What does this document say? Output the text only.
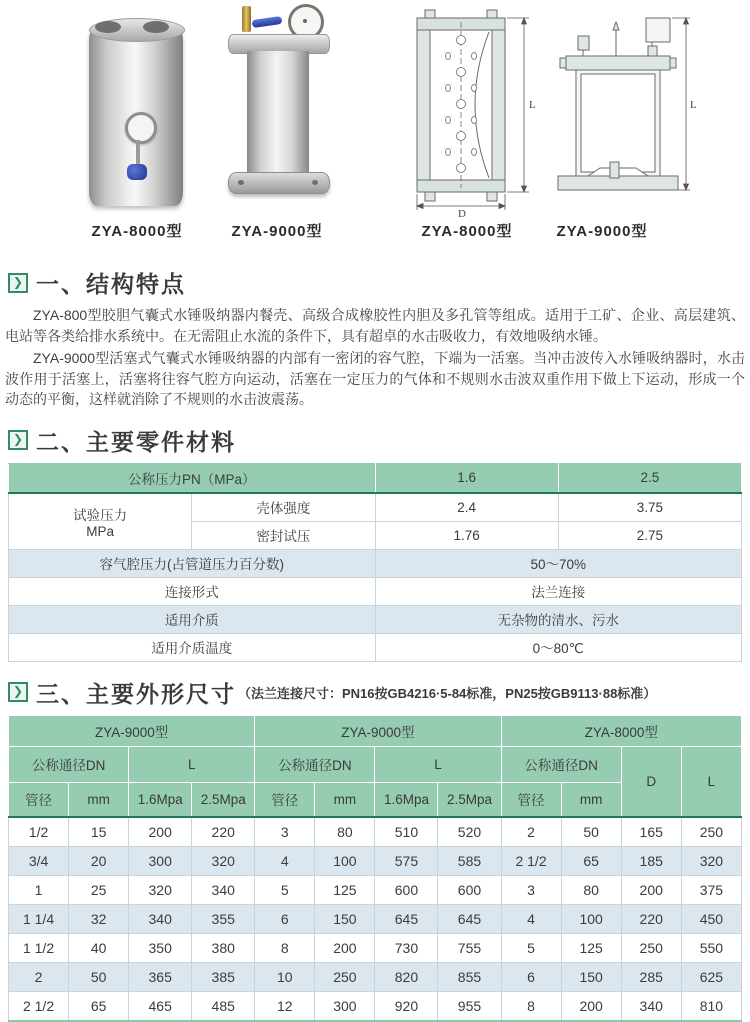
L
D
L
ZYA-8000型	ZYA-9000型	ZYA-8000型	ZYA-9000型
❯ 一、结构特点

ZYA-800型胶胆气囊式水锤吸纳器内餐壳、高级合成橡胶性内胆及多孔管等组成。适用于工矿、企业、高层建筑、电站等各类给排水系统中。在无需阻止水流的条件下，具有超卓的水击吸收力，有效地吸纳水锤。

ZYA-9000型活塞式气囊式水锤吸纳器的内部有一密闭的容气腔，下端为一活塞。当冲击波传入水锤吸纳器时，水击波作用于活塞上，活塞将往容气腔方向运动，活塞在一定压力的气体和不规则水击波双重作用下做上下运动，形成一个动态的平衡，这样就消除了不规则的水击波震荡。

❯ 二、主要零件材料
公称压力PN（MPa）		1.6	2.5

试验压力
MPa	壳体强度	2.4	3.75
	密封试压	1.76	2.75
容气腔压力(占管道压力百分数)		50～70%	
连接形式		法兰连接	
适用介质		无杂物的清水、污水	
适用介质温度		0～80℃	
❯ 三、主要外形尺寸 （法兰连接尺寸：PN16按GB4216·5-84标准，PN25按GB9113·88标准）
ZYA-9000型				ZYA-9000型				ZYA-8000型			
公称通径DN		L		公称通径DN		L		公称通径DN		D	L
管径	mm	1.6Mpa	2.5Mpa	管径	mm	1.6Mpa	2.5Mpa	管径	mm		
1/2	15	200	220	3	80	510	520	2	50	165	250
3/4	20	300	320	4	100	575	585	2 1/2	65	185	320
1	25	320	340	5	125	600	600	3	80	200	375
1 1/4	32	340	355	6	150	645	645	4	100	220	450
1 1/2	40	350	380	8	200	730	755	5	125	250	550
2	50	365	385	10	250	820	855	6	150	285	625
2 1/2	65	465	485	12	300	920	955	8	200	340	810
